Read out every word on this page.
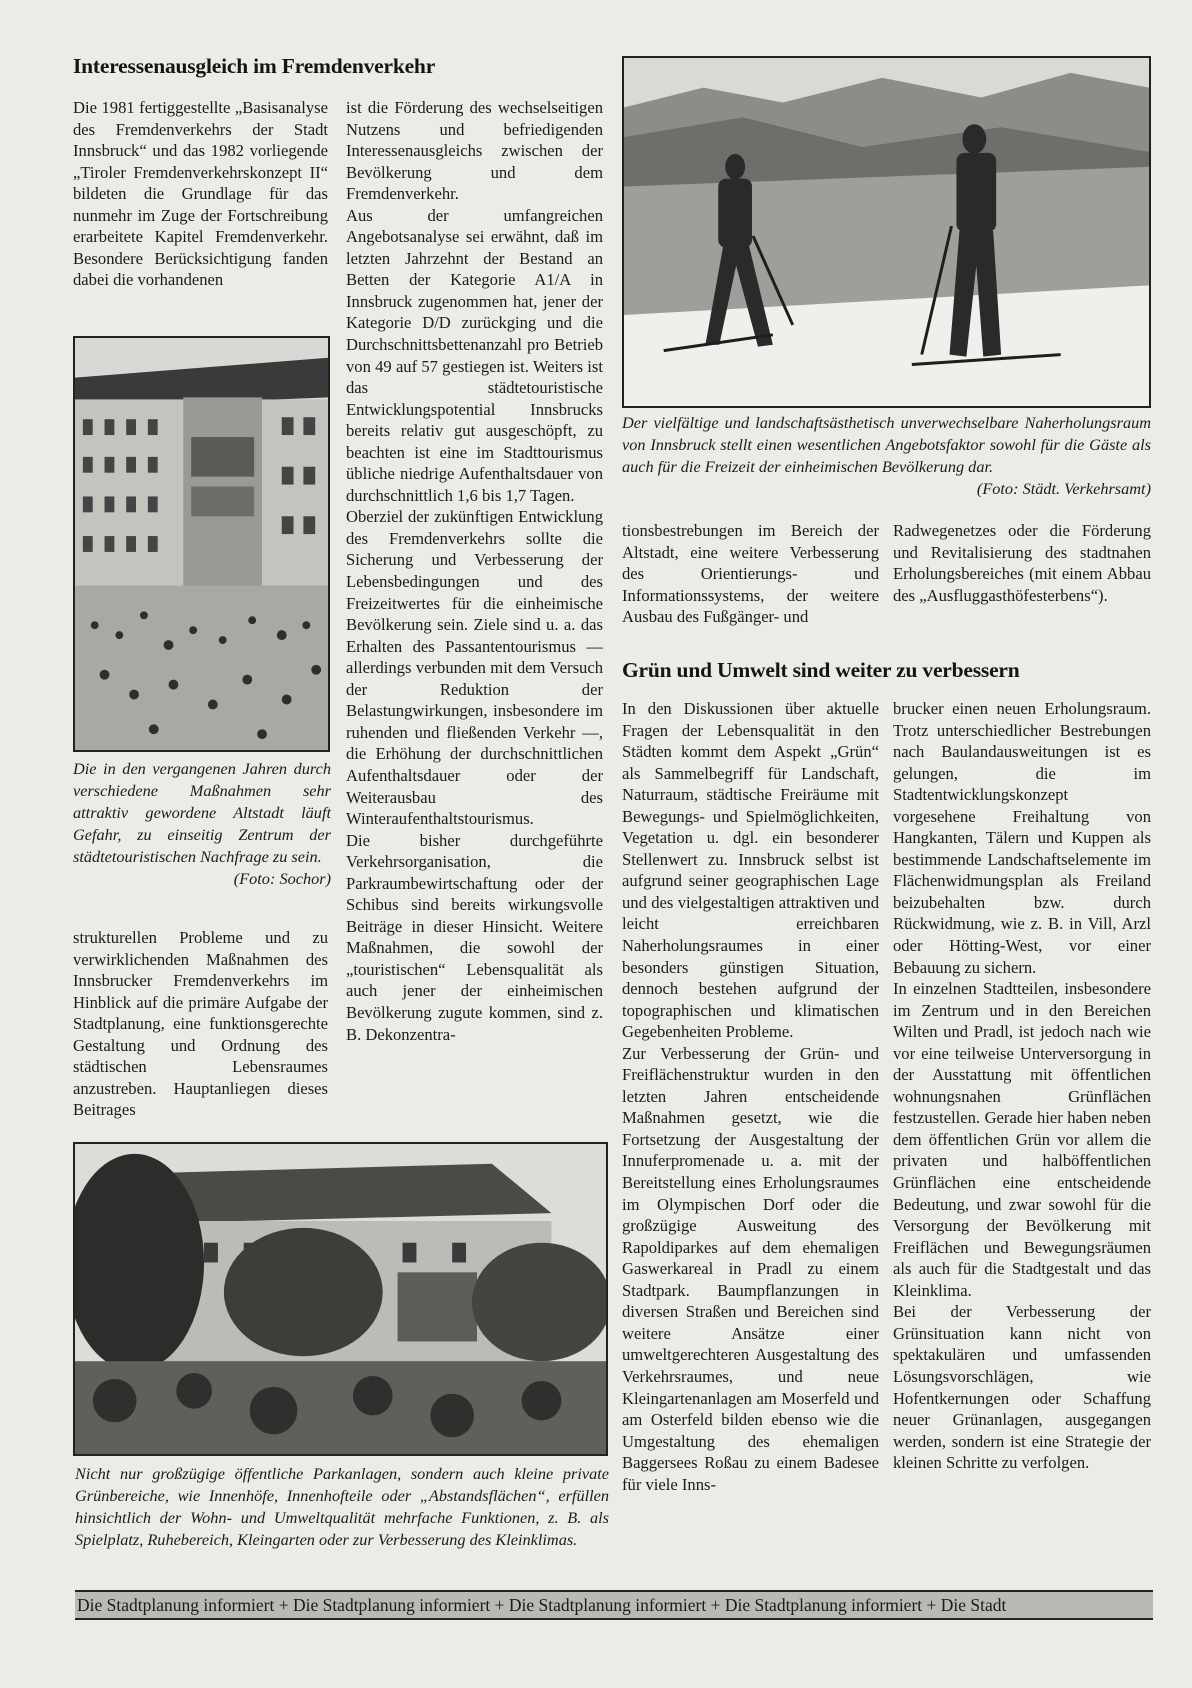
Interessenausgleich im Fremdenverkehr

Die 1981 fertiggestellte „Basisanalyse des Fremdenverkehrs der Stadt Innsbruck“ und das 1982 vorliegende „Tiroler Fremdenverkehrskonzept II“ bildeten die Grundlage für das nunmehr im Zuge der Fortschreibung erarbeitete Kapitel Fremdenverkehr. Besondere Berücksichtigung fanden dabei die vorhandenen

Die in den vergangenen Jahren durch verschiedene Maßnahmen sehr attraktiv gewordene Altstadt läuft Gefahr, zu einseitig Zentrum der städtetouristischen Nachfrage zu sein.
(Foto: Sochor)

strukturellen Probleme und zu verwirklichenden Maßnahmen des Innsbrucker Fremdenverkehrs im Hinblick auf die primäre Aufgabe der Stadtplanung, eine funktionsgerechte Gestaltung und Ordnung des städtischen Lebensraumes anzustreben. Hauptanliegen dieses Beitrages

ist die Förderung des wechselseitigen Nutzens und befriedigenden Interessenausgleichs zwischen der Bevölkerung und dem Fremdenverkehr.

Aus der umfangreichen Angebotsanalyse sei erwähnt, daß im letzten Jahrzehnt der Bestand an Betten der Kategorie A1/A in Innsbruck zugenommen hat, jener der Kategorie D/D zurückging und die Durchschnittsbettenanzahl pro Betrieb von 49 auf 57 gestiegen ist. Weiters ist das städtetouristische Entwicklungspotential Innsbrucks bereits relativ gut ausgeschöpft, zu beachten ist eine im Stadttourismus übliche niedrige Aufenthaltsdauer von durchschnittlich 1,6 bis 1,7 Tagen.

Oberziel der zukünftigen Entwicklung des Fremdenverkehrs sollte die Sicherung und Verbesserung der Lebensbedingungen und des Freizeitwertes für die einheimische Bevölkerung sein. Ziele sind u. a. das Erhalten des Passantentourismus — allerdings verbunden mit dem Versuch der Reduktion der Belastungwirkungen, insbesondere im ruhenden und fließenden Verkehr —, die Erhöhung der durchschnittlichen Aufenthaltsdauer oder der Weiterausbau des Winteraufenthaltstourismus.

Die bisher durchgeführte Verkehrsorganisation, die Parkraumbewirtschaftung oder der Schibus sind bereits wirkungsvolle Beiträge in dieser Hinsicht. Weitere Maßnahmen, die sowohl der „touristischen“ Lebensqualität als auch jener der einheimischen Bevölkerung zugute kommen, sind z. B. Dekonzentra-

Der vielfältige und landschaftsästhetisch unverwechselbare Naherholungsraum von Innsbruck stellt einen wesentlichen Angebotsfaktor sowohl für die Gäste als auch für die Freizeit der einheimischen Bevölkerung dar.
(Foto: Städt. Verkehrsamt)

tionsbestrebungen im Bereich der Altstadt, eine weitere Verbesserung des Orientierungs- und Informationssystems, der weitere Ausbau des Fußgänger- und

Radwegenetzes oder die Förderung und Revitalisierung des stadtnahen Erholungsbereiches (mit einem Abbau des „Ausfluggasthöfesterbens“).

Grün und Umwelt sind weiter zu verbessern

In den Diskussionen über aktuelle Fragen der Lebensqualität in den Städten kommt dem Aspekt „Grün“ als Sammelbegriff für Landschaft, Naturraum, städtische Freiräume mit Bewegungs- und Spielmöglichkeiten, Vegetation u. dgl. ein besonderer Stellenwert zu. Innsbruck selbst ist aufgrund seiner geographischen Lage und des vielgestaltigen attraktiven und leicht erreichbaren Naherholungsraumes in einer besonders günstigen Situation, dennoch bestehen aufgrund der topographischen und klimatischen Gegebenheiten Probleme.

Zur Verbesserung der Grün- und Freiflächenstruktur wurden in den letzten Jahren entscheidende Maßnahmen gesetzt, wie die Fortsetzung der Ausgestaltung der Innuferpromenade u. a. mit der Bereitstellung eines Erholungsraumes im Olympischen Dorf oder die großzügige Ausweitung des Rapoldiparkes auf dem ehemaligen Gaswerkareal in Pradl zu einem Stadtpark. Baumpflanzungen in diversen Straßen und Bereichen sind weitere Ansätze einer umweltgerechteren Ausgestaltung des Verkehrsraumes, und neue Kleingartenanlagen am Moserfeld und am Osterfeld bilden ebenso wie die Umgestaltung des ehemaligen Baggersees Roßau zu einem Badesee für viele Inns-

brucker einen neuen Erholungsraum. Trotz unterschiedlicher Bestrebungen nach Baulandausweitungen ist es gelungen, die im Stadtentwicklungskonzept vorgesehene Freihaltung von Hangkanten, Tälern und Kuppen als bestimmende Landschaftselemente im Flächenwidmungsplan als Freiland beizubehalten bzw. durch Rückwidmung, wie z. B. in Vill, Arzl oder Hötting-West, vor einer Bebauung zu sichern.

In einzelnen Stadtteilen, insbesondere im Zentrum und in den Bereichen Wilten und Pradl, ist jedoch nach wie vor eine teilweise Unterversorgung in der Ausstattung mit öffentlichen wohnungsnahen Grünflächen festzustellen. Gerade hier haben neben dem öffentlichen Grün vor allem die privaten und halböffentlichen Grünflächen eine entscheidende Bedeutung, und zwar sowohl für die Versorgung der Bevölkerung mit Freiflächen und Bewegungsräumen als auch für die Stadtgestalt und das Kleinklima.

Bei der Verbesserung der Grünsituation kann nicht von spektakulären und umfassenden Lösungsvorschlägen, wie Hofentkernungen oder Schaffung neuer Grünanlagen, ausgegangen werden, sondern ist eine Strategie der kleinen Schritte zu verfolgen.

Nicht nur großzügige öffentliche Parkanlagen, sondern auch kleine private Grünbereiche, wie Innenhöfe, Innenhofteile oder „Abstandsflächen“, erfüllen hinsichtlich der Wohn- und Umweltqualität mehrfache Funktionen, z. B. als Spielplatz, Ruhebereich, Kleingarten oder zur Verbesserung des Kleinklimas.
Die Stadtplanung informiert + Die Stadtplanung informiert + Die Stadtplanung informiert + Die Stadtplanung informiert + Die Stadt
